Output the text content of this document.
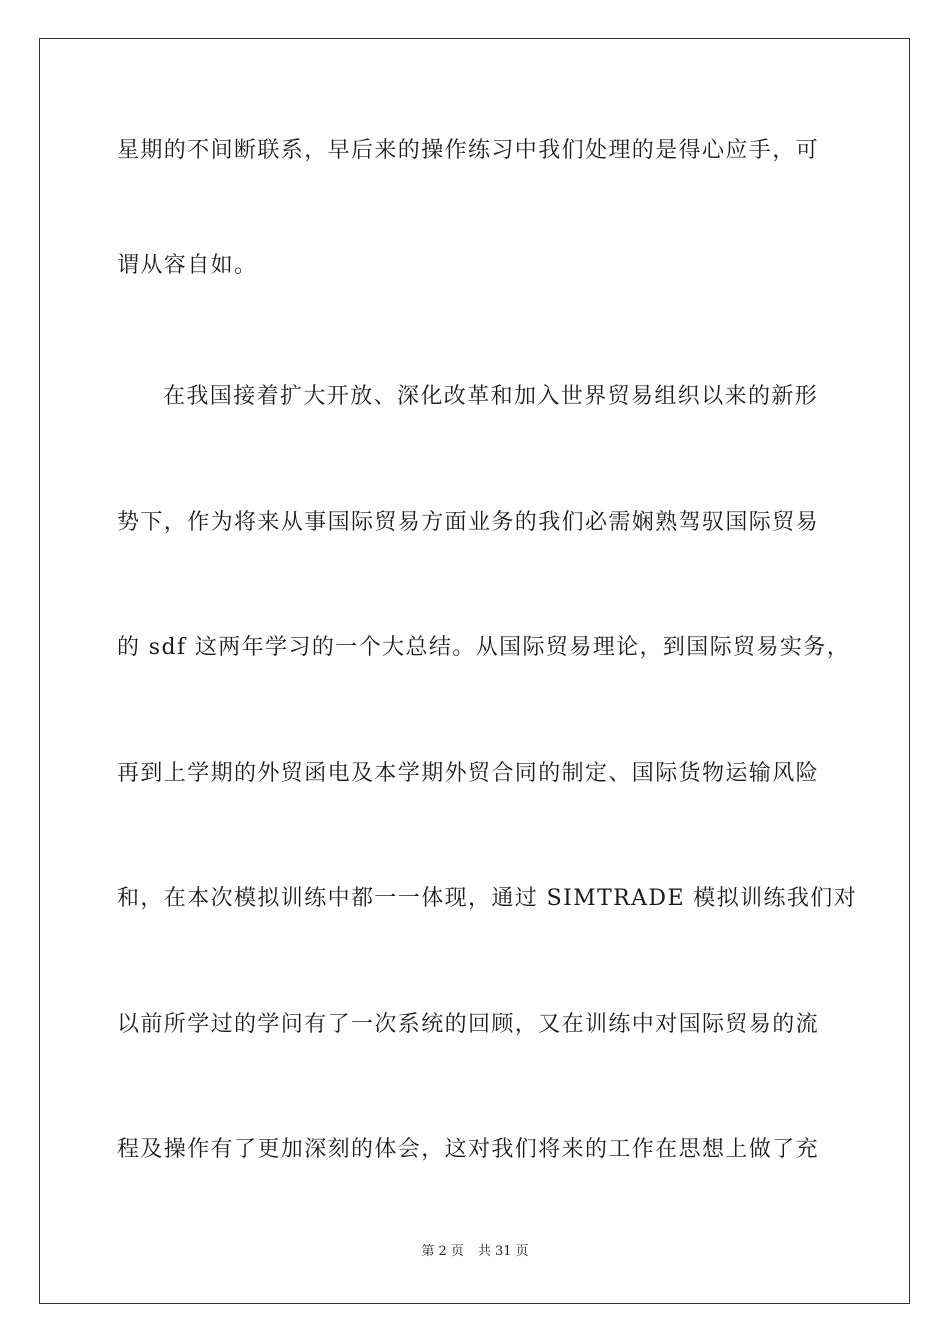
星期的不间断联系，早后来的操作练习中我们处理的是得心应手，可
谓从容自如。
在我国接着扩大开放、深化改革和加入世界贸易组织以来的新形
势下，作为将来从事国际贸易方面业务的我们必需娴熟驾驭国际贸易
的 sdf 这两年学习的一个大总结。从国际贸易理论，到国际贸易实务，
再到上学期的外贸函电及本学期外贸合同的制定、国际货物运输风险
和，在本次模拟训练中都一一体现，通过 SIMTRADE 模拟训练我们对
以前所学过的学问有了一次系统的回顾，又在训练中对国际贸易的流
程及操作有了更加深刻的体会，这对我们将来的工作在思想上做了充
第 2 页 共 31 页
